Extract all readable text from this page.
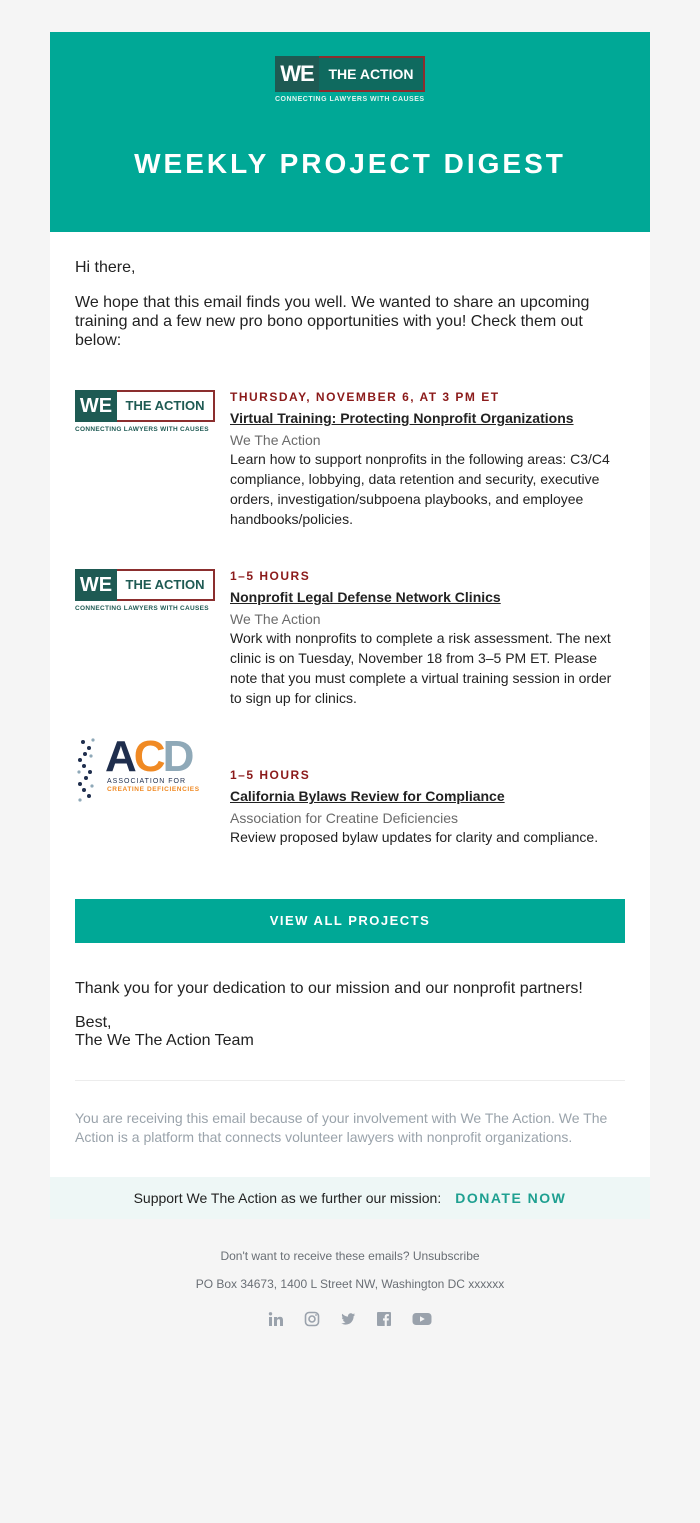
WE	THE ACTION
CONNECTING LAWYERS WITH CAUSES
WEEKLY PROJECT DIGEST

Hi there,

We hope that this email finds you well. We wanted to share an upcoming training and a few new pro bono opportunities with you! Check them out below:

WE	THE ACTION
CONNECTING LAWYERS WITH CAUSES
THURSDAY, NOVEMBER 6, AT 3 PM ET
Virtual Training: Protecting Nonprofit Organizations
We The Action
Learn how to support nonprofits in the following areas: C3/C4 compliance, lobbying, data retention and security, executive orders, investigation/subpoena playbooks, and employee handbooks/policies.
WE	THE ACTION
CONNECTING LAWYERS WITH CAUSES
1–5 HOURS
Nonprofit Legal Defense Network Clinics
We The Action
Work with nonprofits to complete a risk assessment. The next clinic is on Tuesday, November 18 from 3–5 PM ET. Please note that you must complete a virtual training session in order to sign up for clinics.
ACD
ASSOCIATION FOR
CREATINE DEFICIENCIES
1–5 HOURS
California Bylaws Review for Compliance
Association for Creatine Deficiencies
Review proposed bylaw updates for clarity and compliance.
VIEW ALL PROJECTS
Thank you for your dedication to our mission and our nonprofit partners!
Best,
The We The Action Team
You are receiving this email because of your involvement with We The Action. We The Action is a platform that connects volunteer lawyers with nonprofit organizations.
Support We The Action as we further our mission: DONATE NOW
Don't want to receive these emails? Unsubscribe
PO Box 34673, 1400 L Street NW, Washington DC xxxxxx
